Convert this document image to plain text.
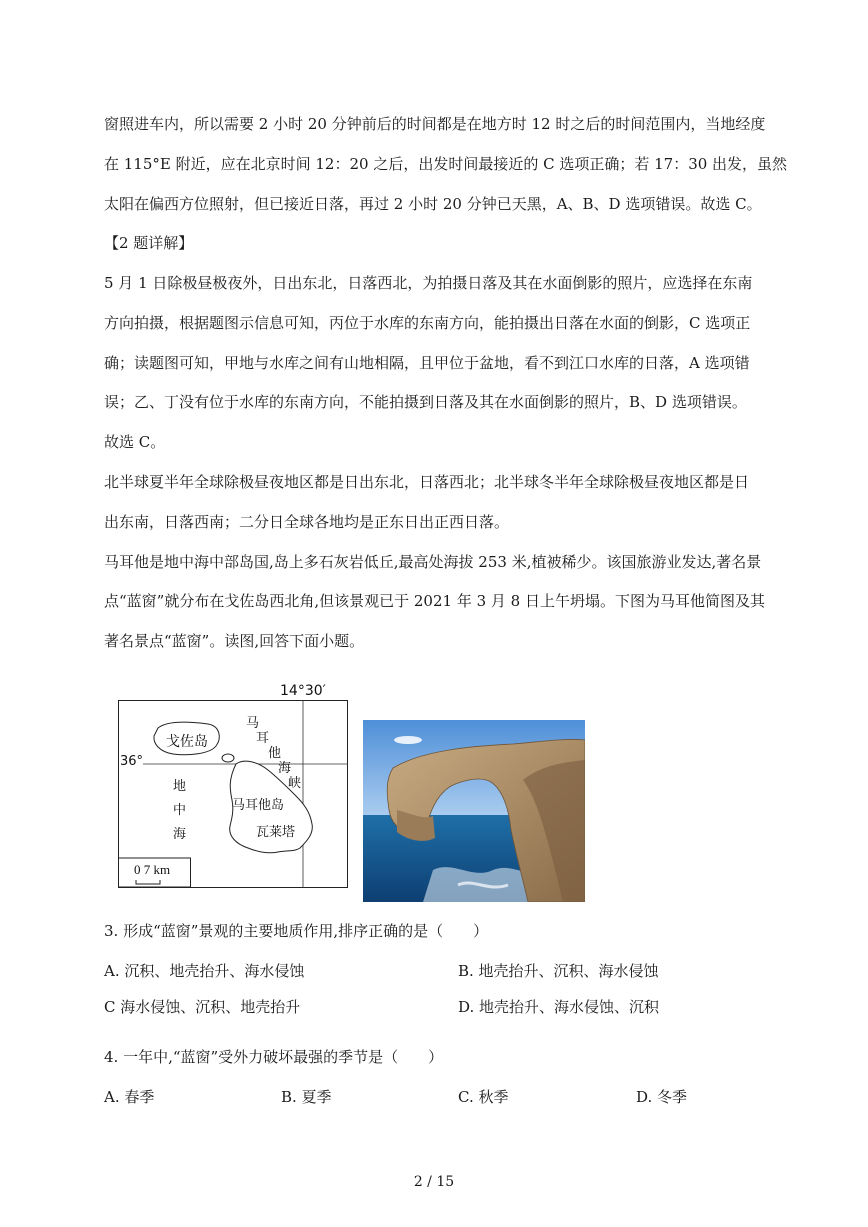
窗照进车内，所以需要 2 小时 20 分钟前后的时间都是在地方时 12 时之后的时间范围内，当地经度
在 115°E 附近，应在北京时间 12：20 之后，出发时间最接近的 C 选项正确；若 17：30 出发，虽然
太阳在偏西方位照射，但已接近日落，再过 2 小时 20 分钟已天黑，A、B、D 选项错误。故选 C。
【2 题详解】
5 月 1 日除极昼极夜外，日出东北，日落西北，为拍摄日落及其在水面倒影的照片，应选择在东南
方向拍摄，根据题图示信息可知，丙位于水库的东南方向，能拍摄出日落在水面的倒影，C 选项正
确；读题图可知，甲地与水库之间有山地相隔，且甲位于盆地，看不到江口水库的日落，A 选项错
误；乙、丁没有位于水库的东南方向，不能拍摄到日落及其在水面倒影的照片，B、D 选项错误。
故选 C。
北半球夏半年全球除极昼夜地区都是日出东北，日落西北；北半球冬半年全球除极昼夜地区都是日
出东南，日落西南；二分日全球各地均是正东日出正西日落。
马耳他是地中海中部岛国,岛上多石灰岩低丘,最高处海拔 253 米,植被稀少。该国旅游业发达,著名景
点“蓝窗”就分布在戈佐岛西北角,但该景观已于 2021 年 3 月 8 日上午坍塌。下图为马耳他简图及其
著名景点“蓝窗”。读图,回答下面小题。
14°30′
戈佐岛
36°
马
耳
他
海
峡
地
中
海
马耳他岛
瓦莱塔
0 7 km
3. 形成“蓝窗”景观的主要地质作用,排序正确的是（　　）
A. 沉积、地壳抬升、海水侵蚀	B. 地壳抬升、沉积、海水侵蚀
C 海水侵蚀、沉积、地壳抬升	D. 地壳抬升、海水侵蚀、沉积
4. 一年中,“蓝窗”受外力破坏最强的季节是（　　）
A. 春季	B. 夏季	C. 秋季	D. 冬季
2 / 15
